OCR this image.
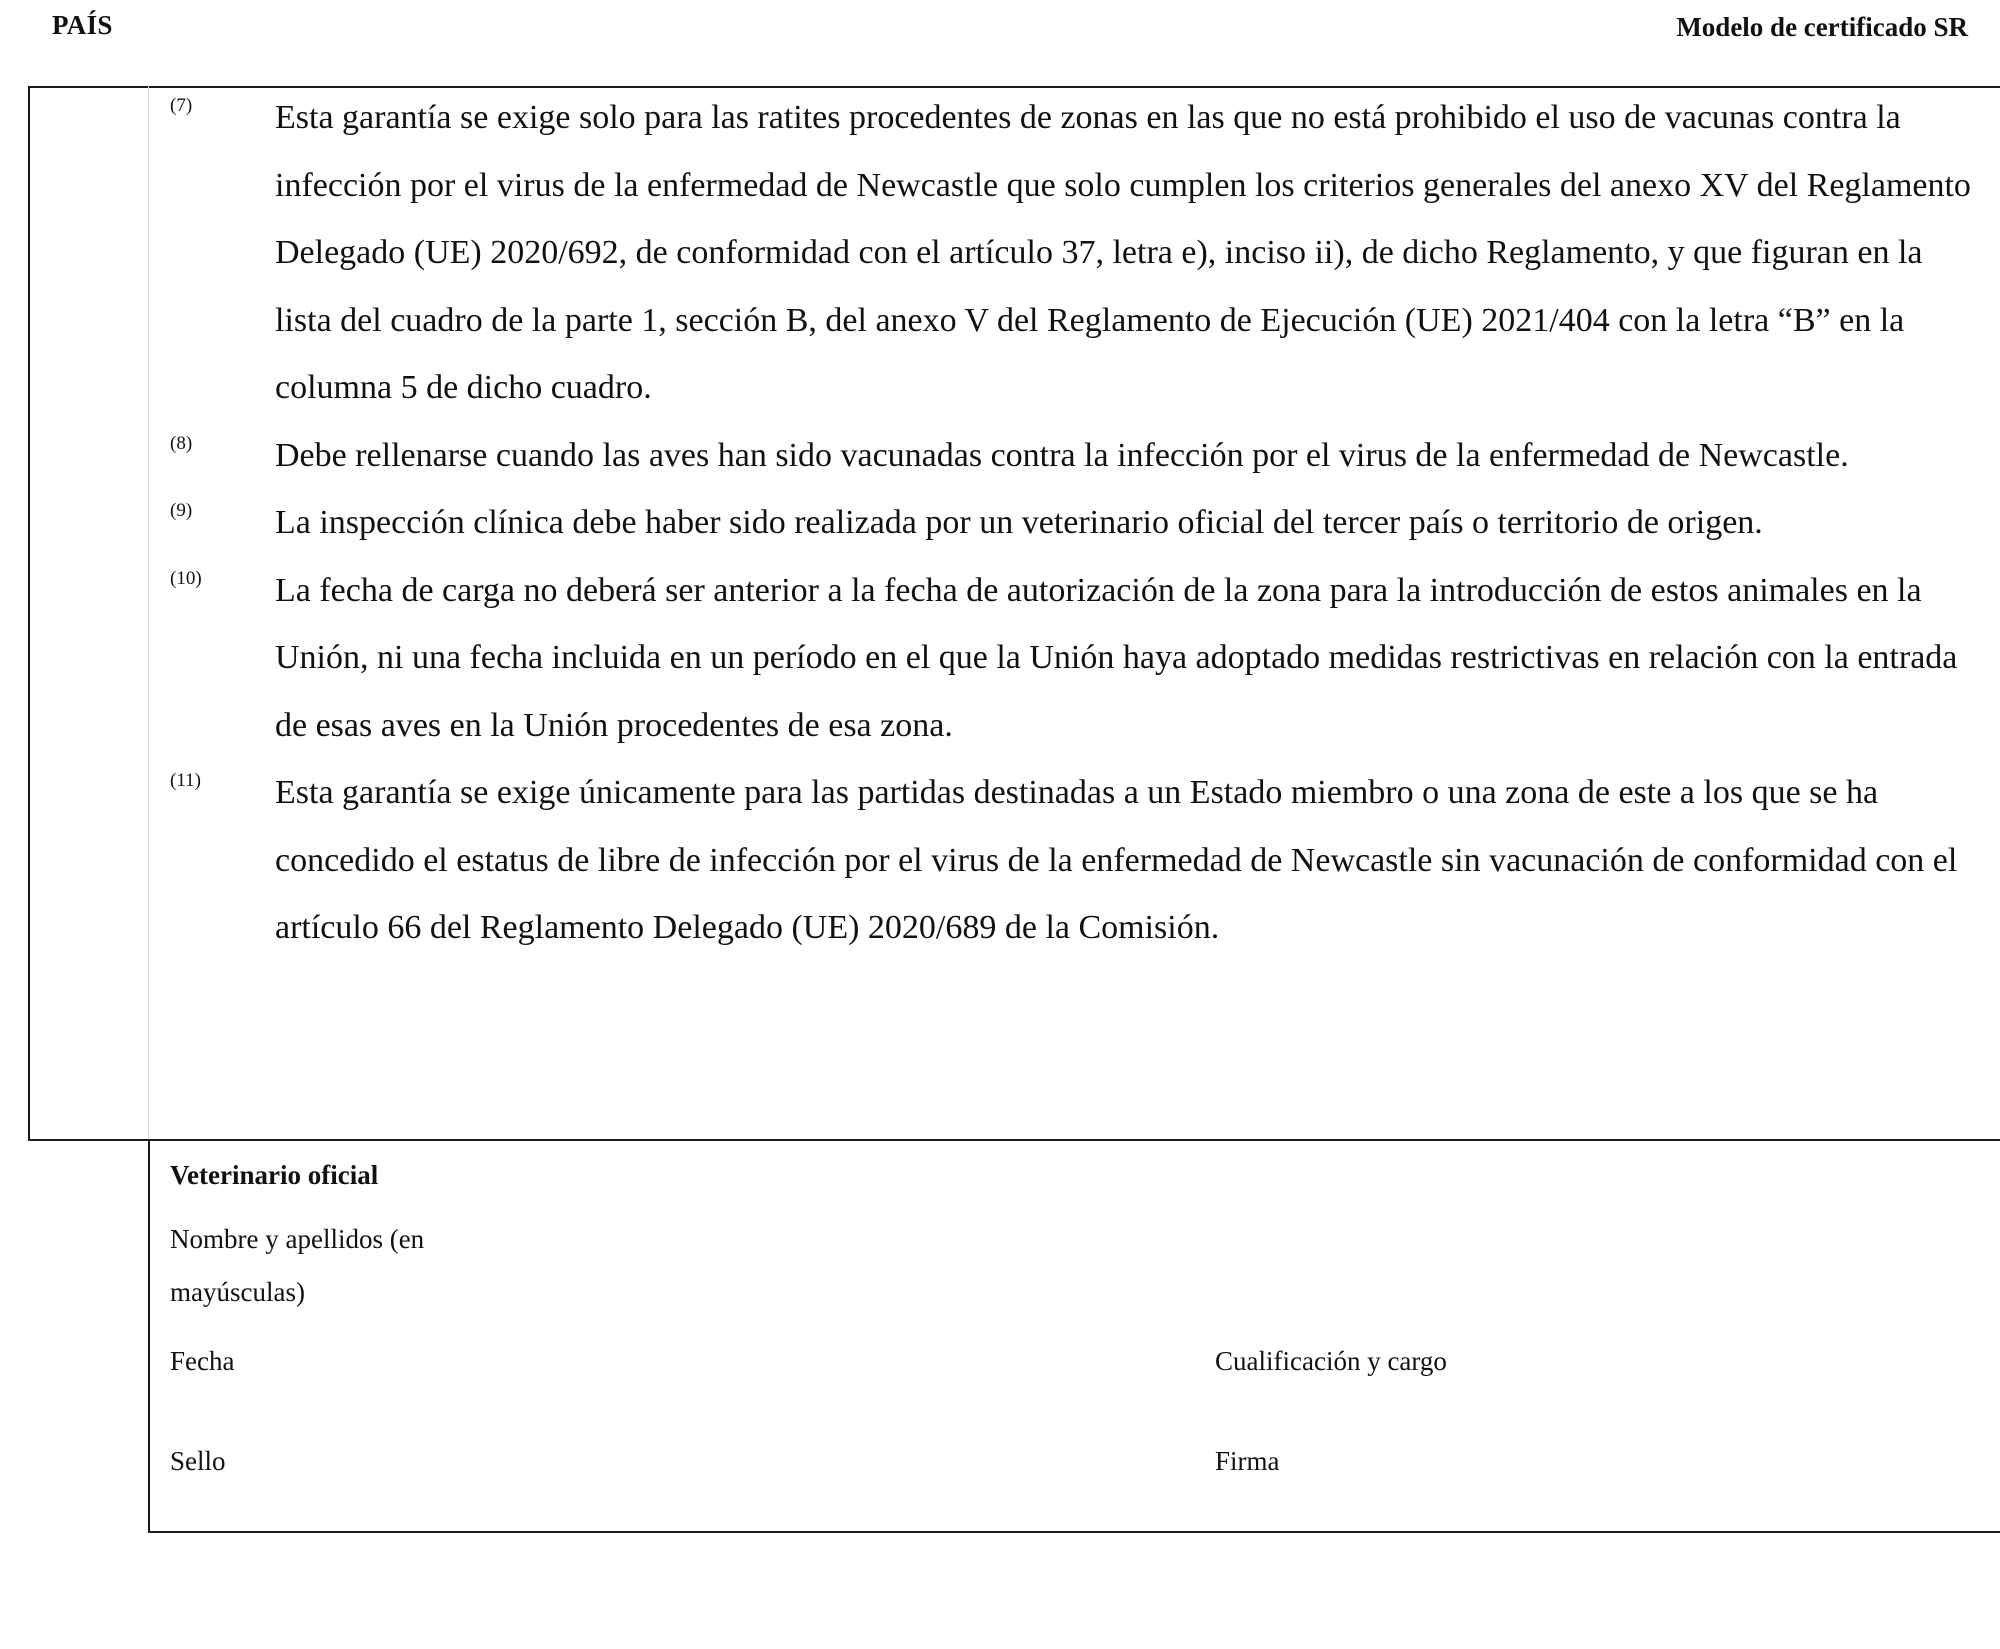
PAÍS	Modelo de certificado SR
(7)	Esta garantía se exige solo para las ratites procedentes de zonas en las que no está prohibido el uso de vacunas contra la infección por el virus de la enfermedad de Newcastle que solo cumplen los criterios generales del anexo XV del Reglamento Delegado (UE) 2020/692, de conformidad con el artículo 37, letra e), inciso ii), de dicho Reglamento, y que figuran en la lista del cuadro de la parte 1, sección B, del anexo V del Reglamento de Ejecución (UE) 2021/404 con la letra “B” en la columna 5 de dicho cuadro.
(8)	Debe rellenarse cuando las aves han sido vacunadas contra la infección por el virus de la enfermedad de Newcastle.
(9)	La inspección clínica debe haber sido realizada por un veterinario oficial del tercer país o territorio de origen.
(10)	La fecha de carga no deberá ser anterior a la fecha de autorización de la zona para la introducción de estos animales en la Unión, ni una fecha incluida en un período en el que la Unión haya adoptado medidas restrictivas en relación con la entrada de esas aves en la Unión procedentes de esa zona.
(11)	Esta garantía se exige únicamente para las partidas destinadas a un Estado miembro o una zona de este a los que se ha concedido el estatus de libre de infección por el virus de la enfermedad de Newcastle sin vacunación de conformidad con el artículo 66 del Reglamento Delegado (UE) 2020/689 de la Comisión.
Veterinario oficial
Nombre y apellidos (en mayúsculas)
Fecha	Cualificación y cargo
Sello	Firma
